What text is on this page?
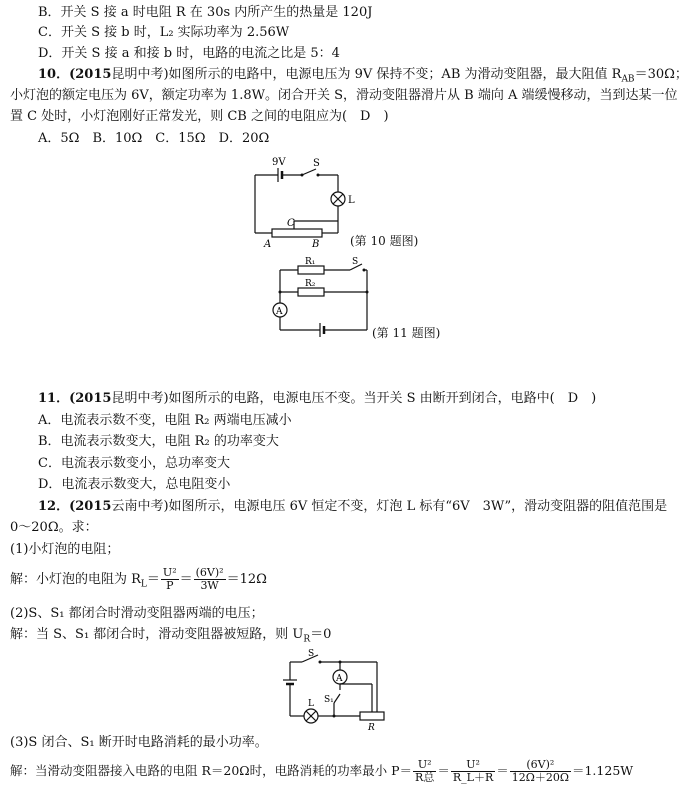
B．开关 S 接 a 时电阻 R 在 30s 内所产生的热量是 120J
C．开关 S 接 b 时，L₂ 实际功率为 2.56W
D．开关 S 接 a 和接 b 时，电路的电流之比是 5：4
10．(2015昆明中考)如图所示的电路中，电源电压为 9V 保持不变；AB 为滑动变阻器，最大阻值 $R_{AB}=30\Omega$；
小灯泡的额定电压为 6V，额定功率为 1.8W。闭合开关 S，滑动变阻器滑片从 B 端向 A 端缓慢移动，当到达某一位
置 C 处时，小灯泡刚好正常发光，则 CB 之间的电阻应为(　D　)
A．5Ω　B．10Ω　C．15Ω　D．20Ω
9V	S
L
C
A	B	(第 10 题图)
R₁
R₂
S
A
(第 11 题图)
11．(2015昆明中考)如图所示的电路，电源电压不变。当开关 S 由断开到闭合，电路中(　D　)
A．电流表示数不变，电阻 R₂ 两端电压减小
B．电流表示数变大，电阻 R₂ 的功率变大
C．电流表示数变小，总功率变大
D．电流表示数变大，总电阻变小
12．(2015云南中考)如图所示，电源电压 6V 恒定不变，灯泡 L 标有“6V　3W”，滑动变阻器的阻值范围是
0～20Ω。求：
(1)小灯泡的电阻；
解：小灯泡的电阻为 $R_L= \frac{\text{U²}}{P} = \frac{\text{(6V)²}}{3W} =12\Omega$
(2)S、S₁ 都闭合时滑动变阻器两端的电压；
解：当 S、S₁ 都闭合时，滑动变阻器被短路，则 $U_R=0$
S
A
L S₁
R
(3)S 闭合、S₁ 断开时电路消耗的最小功率。
解：当滑动变阻器接入电路的电阻 R＝20Ω时，电路消耗的功率最小 $P= \frac{\text{U²}}{\text{R总}} = \frac{\text{U²}}{R\_L+R} = \frac{\text{(6V)²}}{12\Omega+20\Omega} =1.125W$
